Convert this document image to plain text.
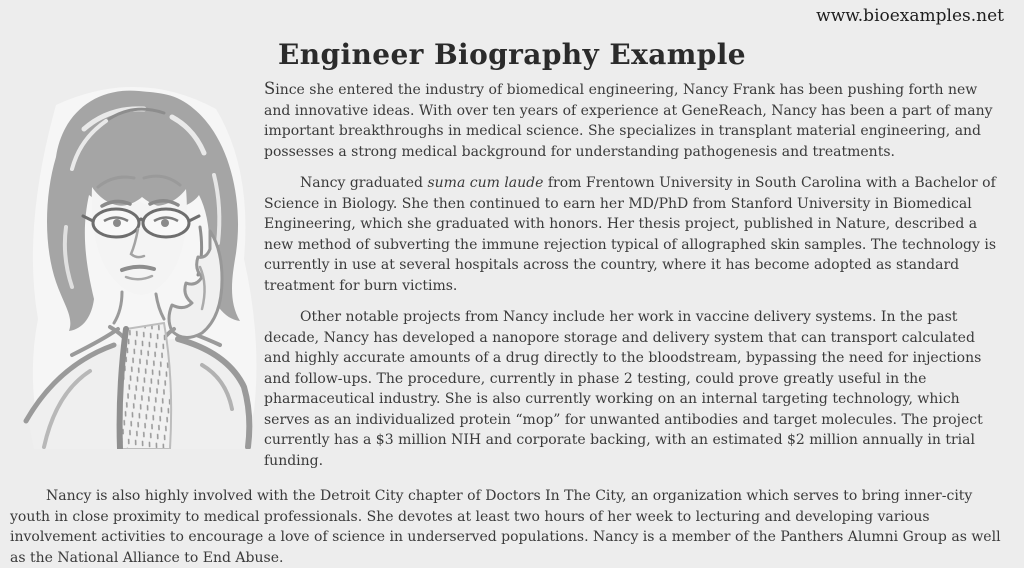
www.bioexamples.net
Engineer Biography Example

Since she entered the industry of biomedical engineering, Nancy Frank has been pushing forth new and innovative ideas. With over ten years of experience at GeneReach, Nancy has been a part of many important breakthroughs in medical science. She specializes in transplant material engineering, and possesses a strong medical background for understanding pathogenesis and treatments.

Nancy graduated suma cum laude from Frentown University in South Carolina with a Bachelor of Science in Biology. She then continued to earn her MD/PhD from Stanford University in Biomedical Engineering, which she graduated with honors. Her thesis project, published in Nature, described a new method of subverting the immune rejection typical of allographed skin samples. The technology is currently in use at several hospitals across the country, where it has become adopted as standard treatment for burn victims.

Other notable projects from Nancy include her work in vaccine delivery systems. In the past decade, Nancy has developed a nanopore storage and delivery system that can transport calculated and highly accurate amounts of a drug directly to the bloodstream, bypassing the need for injections and follow-ups. The procedure, currently in phase 2 testing, could prove greatly useful in the pharmaceutical industry. She is also currently working on an internal targeting technology, which serves as an individualized protein “mop” for unwanted antibodies and target molecules. The project currently has a $3 million NIH and corporate backing, with an estimated $2 million annually in trial funding.

Nancy is also highly involved with the Detroit City chapter of Doctors In The City, an organization which serves to bring inner-city youth in close proximity to medical professionals. She devotes at least two hours of her week to lecturing and developing various involvement activities to encourage a love of science in underserved populations. Nancy is a member of the Panthers Alumni Group as well as the National Alliance to End Abuse.
